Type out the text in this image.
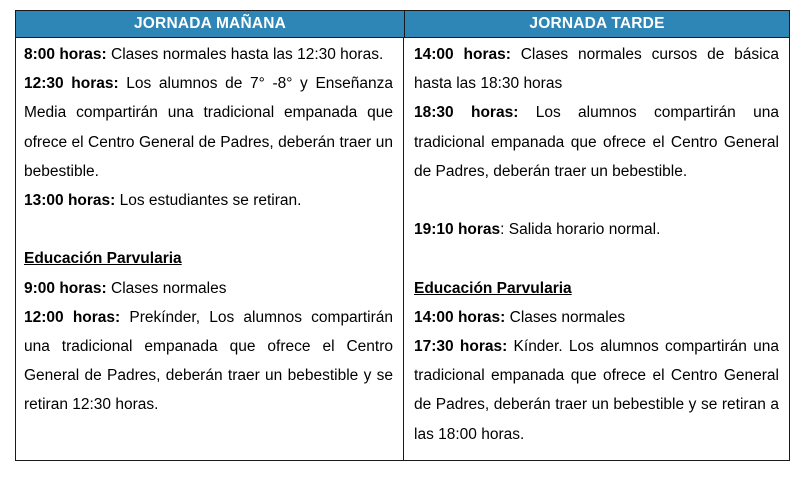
JORNADA MAÑANA	JORNADA TARDE

8:00 horas: Clases normales hasta las 12:30 horas.

12:30 horas: Los alumnos de 7° -8° y Enseñanza Media compartirán una tradicional empanada que ofrece el Centro General de Padres, deberán traer un bebestible.

13:00 horas: Los estudiantes se retiran.

Educación Parvularia

9:00 horas: Clases normales

12:00 horas: Prekínder, Los alumnos compartirán una tradicional empanada que ofrece el Centro General de Padres, deberán traer un bebestible y se retiran 12:30 horas.

14:00 horas: Clases normales cursos de básica hasta las 18:30 horas

18:30 horas: Los alumnos compartirán una tradicional empanada que ofrece el Centro General de Padres, deberán traer un bebestible.

19:10 horas: Salida horario normal.

Educación Parvularia

14:00 horas: Clases normales

17:30 horas: Kínder. Los alumnos compartirán una tradicional empanada que ofrece el Centro General de Padres, deberán traer un bebestible y se retiran a las 18:00 horas.
